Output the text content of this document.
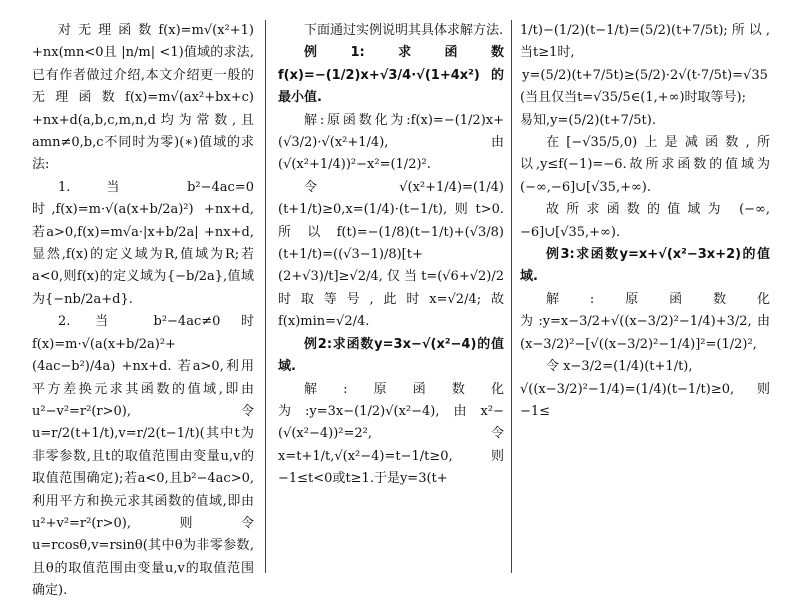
对无理函数f(x)=m√(x²+1) +nx(mn<0且 |n/m| <1)值域的求法,已有作者做过介绍,本文介绍更一般的无理函数f(x)=m√(ax²+bx+c) +nx+d(a,b,c,m,n,d均为常数,且amn≠0,b,c不同时为零)(∗)值域的求法:

1. 当 b²−4ac=0时,f(x)=m·√(a(x+b/2a)²) +nx+d,若a>0,f(x)=m√a·|x+b/2a| +nx+d,显然,f(x)的定义域为R,值域为R;若a<0,则f(x)的定义域为{−b/2a},值域为{−nb/2a+d}.

2. 当 b²−4ac≠0时 f(x)=m·√(a(x+b/2a)²+(4ac−b²)/4a) +nx+d. 若a>0,利用平方差换元求其函数的值域,即由u²−v²=r²(r>0),令u=r/2(t+1/t),v=r/2(t−1/t)(其中t为非零参数,且t的取值范围由变量u,v的取值范围确定);若a<0,且b²−4ac>0,利用平方和换元求其函数的值域,即由u²+v²=r²(r>0),则令u=rcosθ,v=rsinθ(其中θ为非零参数,且θ的取值范围由变量u,v的取值范围确定).

下面通过实例说明其具体求解方法.

例1:求函数f(x)=−(1/2)x+√3/4·√(1+4x²)的最小值.

解:原函数化为:f(x)=−(1/2)x+(√3/2)·√(x²+1/4),由(√(x²+1/4))²−x²=(1/2)².

令√(x²+1/4)=(1/4)(t+1/t)≥0,x=(1/4)·(t−1/t),则t>0. 所以f(t)=−(1/8)(t−1/t)+(√3/8)(t+1/t)=((√3−1)/8)[t+(2+√3)/t]≥√2/4,仅当t=(√6+√2)/2时取等号,此时x=√2/4;故f(x)min=√2/4.

例2:求函数y=3x−√(x²−4)的值域.

解:原函数化为:y=3x−(1/2)√(x²−4),由x²−(√(x²−4))²=2²,令x=t+1/t,√(x²−4)=t−1/t≥0,则−1≤t<0或t≥1.于是y=3(t+

1/t)−(1/2)(t−1/t)=(5/2)(t+7/5t);所以,当t≥1时,

y=(5/2)(t+7/5t)≥(5/2)·2√(t·7/5t)=√35

(当且仅当t=√35/5∈(1,+∞)时取等号);

易知,y=(5/2)(t+7/5t).

在[−√35/5,0)上是减函数,所以,y≤f(−1)=−6.故所求函数的值域为(−∞,−6]∪[√35,+∞).

故所求函数的值域为 (−∞,−6]∪[√35,+∞).

例3:求函数y=x+√(x²−3x+2)的值域.

解:原函数化为:y=x−3/2+√((x−3/2)²−1/4)+3/2,由(x−3/2)²−[√((x−3/2)²−1/4)]²=(1/2)²,

令 x−3/2=(1/4)(t+1/t),

√((x−3/2)²−1/4)=(1/4)(t−1/t)≥0,则−1≤
